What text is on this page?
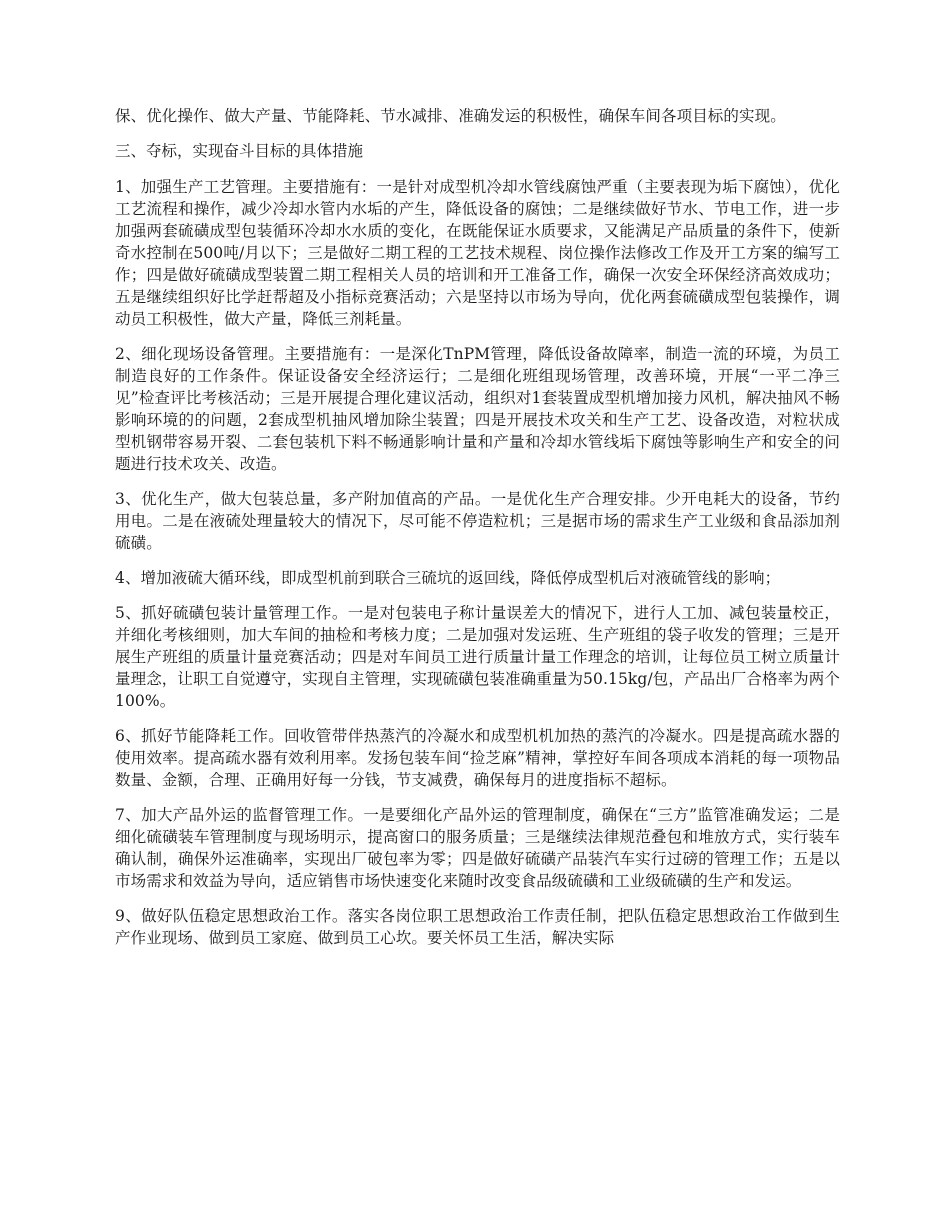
保、优化操作、做大产量、节能降耗、节水减排、准确发运的积极性，确保车间各项目标的实现。

三、夺标，实现奋斗目标的具体措施

1、加强生产工艺管理。主要措施有：一是针对成型机冷却水管线腐蚀严重（主要表现为垢下腐蚀），优化工艺流程和操作，减少冷却水管内水垢的产生，降低设备的腐蚀；二是继续做好节水、节电工作，进一步加强两套硫磺成型包装循环冷却水水质的变化，在既能保证水质要求，又能满足产品质量的条件下，使新奇水控制在500吨/月以下；三是做好二期工程的工艺技术规程、岗位操作法修改工作及开工方案的编写工作；四是做好硫磺成型装置二期工程相关人员的培训和开工准备工作，确保一次安全环保经济高效成功；五是继续组织好比学赶帮超及小指标竞赛活动；六是坚持以市场为导向，优化两套硫磺成型包装操作，调动员工积极性，做大产量，降低三剂耗量。

2、细化现场设备管理。主要措施有：一是深化TnPM管理，降低设备故障率，制造一流的环境，为员工制造良好的工作条件。保证设备安全经济运行；二是细化班组现场管理，改善环境，开展“一平二净三见”检查评比考核活动；三是开展提合理化建议活动，组织对1套装置成型机增加接力风机，解决抽风不畅影响环境的的问题，2套成型机抽风增加除尘装置；四是开展技术攻关和生产工艺、设备改造，对粒状成型机钢带容易开裂、二套包装机下料不畅通影响计量和产量和冷却水管线垢下腐蚀等影响生产和安全的问题进行技术攻关、改造。

3、优化生产，做大包装总量，多产附加值高的产品。一是优化生产合理安排。少开电耗大的设备，节约用电。二是在液硫处理量较大的情况下，尽可能不停造粒机；三是据市场的需求生产工业级和食品添加剂硫磺。

4、增加液硫大循环线，即成型机前到联合三硫坑的返回线，降低停成型机后对液硫管线的影响；

5、抓好硫磺包装计量管理工作。一是对包装电子称计量误差大的情况下，进行人工加、减包装量校正，并细化考核细则，加大车间的抽检和考核力度；二是加强对发运班、生产班组的袋子收发的管理；三是开展生产班组的质量计量竞赛活动；四是对车间员工进行质量计量工作理念的培训，让每位员工树立质量计量理念，让职工自觉遵守，实现自主管理，实现硫磺包装准确重量为50.15kg/包，产品出厂合格率为两个100%。

6、抓好节能降耗工作。回收管带伴热蒸汽的冷凝水和成型机机加热的蒸汽的冷凝水。四是提高疏水器的使用效率。提高疏水器有效利用率。发扬包装车间“捡芝麻”精神，掌控好车间各项成本消耗的每一项物品数量、金额，合理、正确用好每一分钱，节支减费，确保每月的进度指标不超标。

7、加大产品外运的监督管理工作。一是要细化产品外运的管理制度，确保在“三方”监管准确发运；二是细化硫磺装车管理制度与现场明示，提高窗口的服务质量；三是继续法律规范叠包和堆放方式，实行装车确认制，确保外运准确率，实现出厂破包率为零；四是做好硫磺产品装汽车实行过磅的管理工作；五是以市场需求和效益为导向，适应销售市场快速变化来随时改变食品级硫磺和工业级硫磺的生产和发运。

9、做好队伍稳定思想政治工作。落实各岗位职工思想政治工作责任制，把队伍稳定思想政治工作做到生产作业现场、做到员工家庭、做到员工心坎。要关怀员工生活，解决实际
